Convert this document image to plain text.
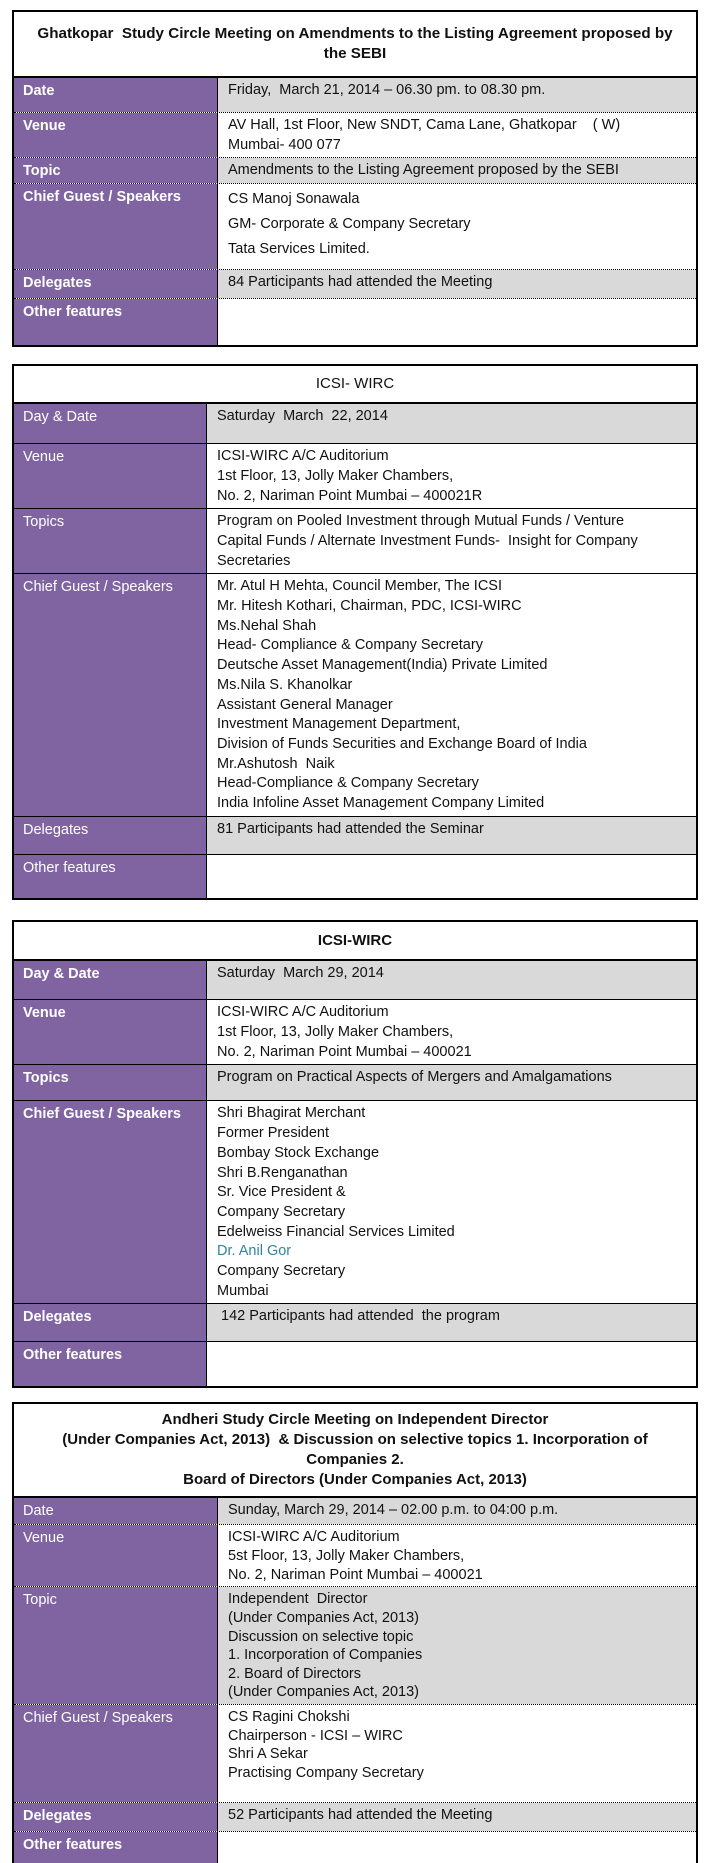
Ghatkopar  Study Circle Meeting on Amendments to the Listing Agreement proposed by the SEBI
Date	Friday,  March 21, 2014 – 06.30 pm. to 08.30 pm.
Venue	AV Hall, 1st Floor, New SNDT, Cama Lane, Ghatkopar    ( W)
Mumbai- 400 077
Topic	Amendments to the Listing Agreement proposed by the SEBI
Chief Guest / Speakers	CS Manoj Sonawala
GM- Corporate & Company Secretary
Tata Services Limited.
Delegates	84 Participants had attended the Meeting
Other features
ICSI- WIRC
Day & Date	Saturday  March  22, 2014
Venue	ICSI-WIRC A/C Auditorium
1st Floor, 13, Jolly Maker Chambers,
No. 2, Nariman Point Mumbai – 400021R
Topics	Program on Pooled Investment through Mutual Funds / Venture
Capital Funds / Alternate Investment Funds-  Insight for Company
Secretaries
Chief Guest / Speakers	Mr. Atul H Mehta, Council Member, The ICSI
Mr. Hitesh Kothari, Chairman, PDC, ICSI-WIRC
Ms.Nehal Shah
Head- Compliance & Company Secretary
Deutsche Asset Management(India) Private Limited
Ms.Nila S. Khanolkar
Assistant General Manager
Investment Management Department,
Division of Funds Securities and Exchange Board of India
Mr.Ashutosh  Naik
Head-Compliance & Company Secretary
India Infoline Asset Management Company Limited
Delegates	81 Participants had attended the Seminar
Other features
ICSI-WIRC
Day & Date	Saturday  March 29, 2014
Venue	ICSI-WIRC A/C Auditorium
1st Floor, 13, Jolly Maker Chambers,
No. 2, Nariman Point Mumbai – 400021
Topics	Program on Practical Aspects of Mergers and Amalgamations
Chief Guest / Speakers	Shri Bhagirat Merchant
Former President
Bombay Stock Exchange
Shri B.Renganathan
Sr. Vice President &
Company Secretary
Edelweiss Financial Services Limited
Dr. Anil Gor
Company Secretary
Mumbai
Delegates	142 Participants had attended  the program
Other features
Andheri Study Circle Meeting on Independent Director
(Under Companies Act, 2013)  & Discussion on selective topics 1. Incorporation of Companies 2.
Board of Directors (Under Companies Act, 2013)
Date	Sunday, March 29, 2014 – 02.00 p.m. to 04:00 p.m.
Venue	ICSI-WIRC A/C Auditorium
5st Floor, 13, Jolly Maker Chambers,
No. 2, Nariman Point Mumbai – 400021
Topic	Independent  Director
(Under Companies Act, 2013)
Discussion on selective topic
1. Incorporation of Companies
2. Board of Directors
(Under Companies Act, 2013)
Chief Guest / Speakers	CS Ragini Chokshi
Chairperson - ICSI – WIRC
Shri A Sekar
Practising Company Secretary
Delegates	52 Participants had attended the Meeting
Other features
